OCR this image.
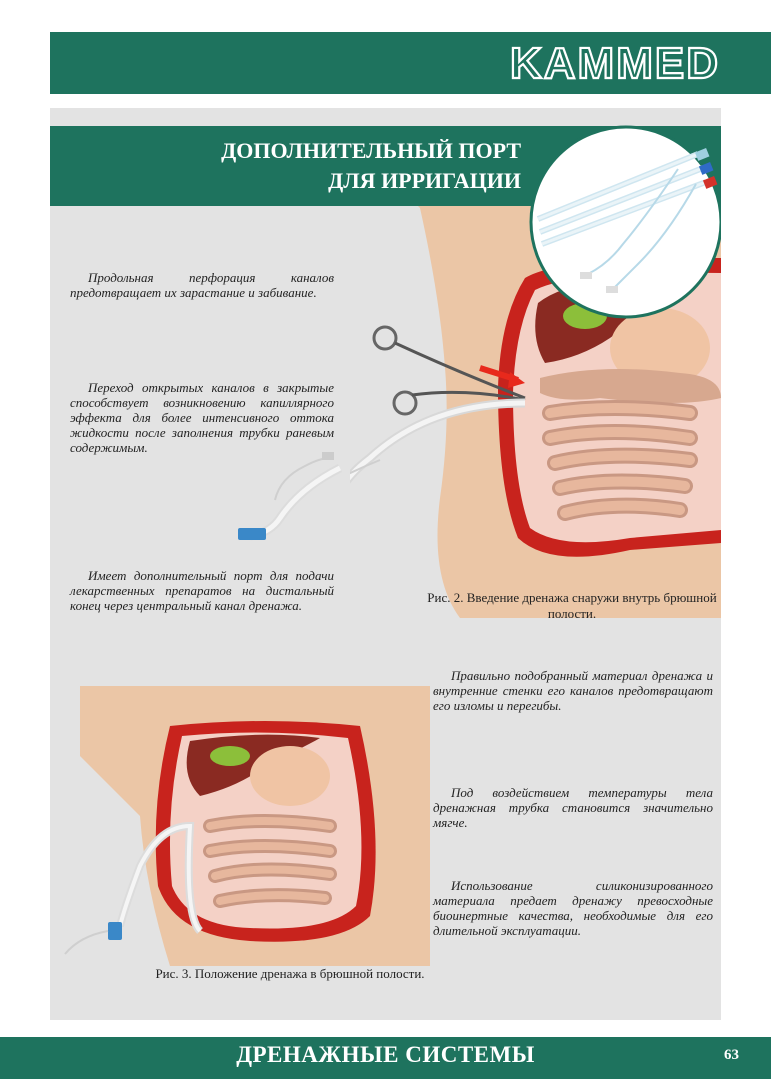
KAMMED
ДОПОЛНИТЕЛЬНЫЙ ПОРТ
ДЛЯ ИРРИГАЦИИ
Продольная перфорация каналов предотвращает их зарастание и забивание.
Переход открытых каналов в закрытые способствует возникновению капиллярного эффекта для более интенсивного оттока жидкости после заполнения трубки раневым содержимым.
Имеет дополнительный порт для подачи лекарственных препаратов на дистальный конец через центральный канал дренажа.
Рис. 2. Введение дренажа снаружи внутрь брюшной полости.
Правильно подобранный материал дренажа и внутренние стенки его каналов предотвращают его изломы и перегибы.
Под воздействием температуры тела дренажная трубка становится значительно мягче.
Использование силиконизированного материала предает дренажу превосходные биоинертные качества, необходимые для его длительной эксплуатации.
Рис. 3. Положение дренажа в брюшной полости.
ДРЕНАЖНЫЕ СИСТЕМЫ	63
